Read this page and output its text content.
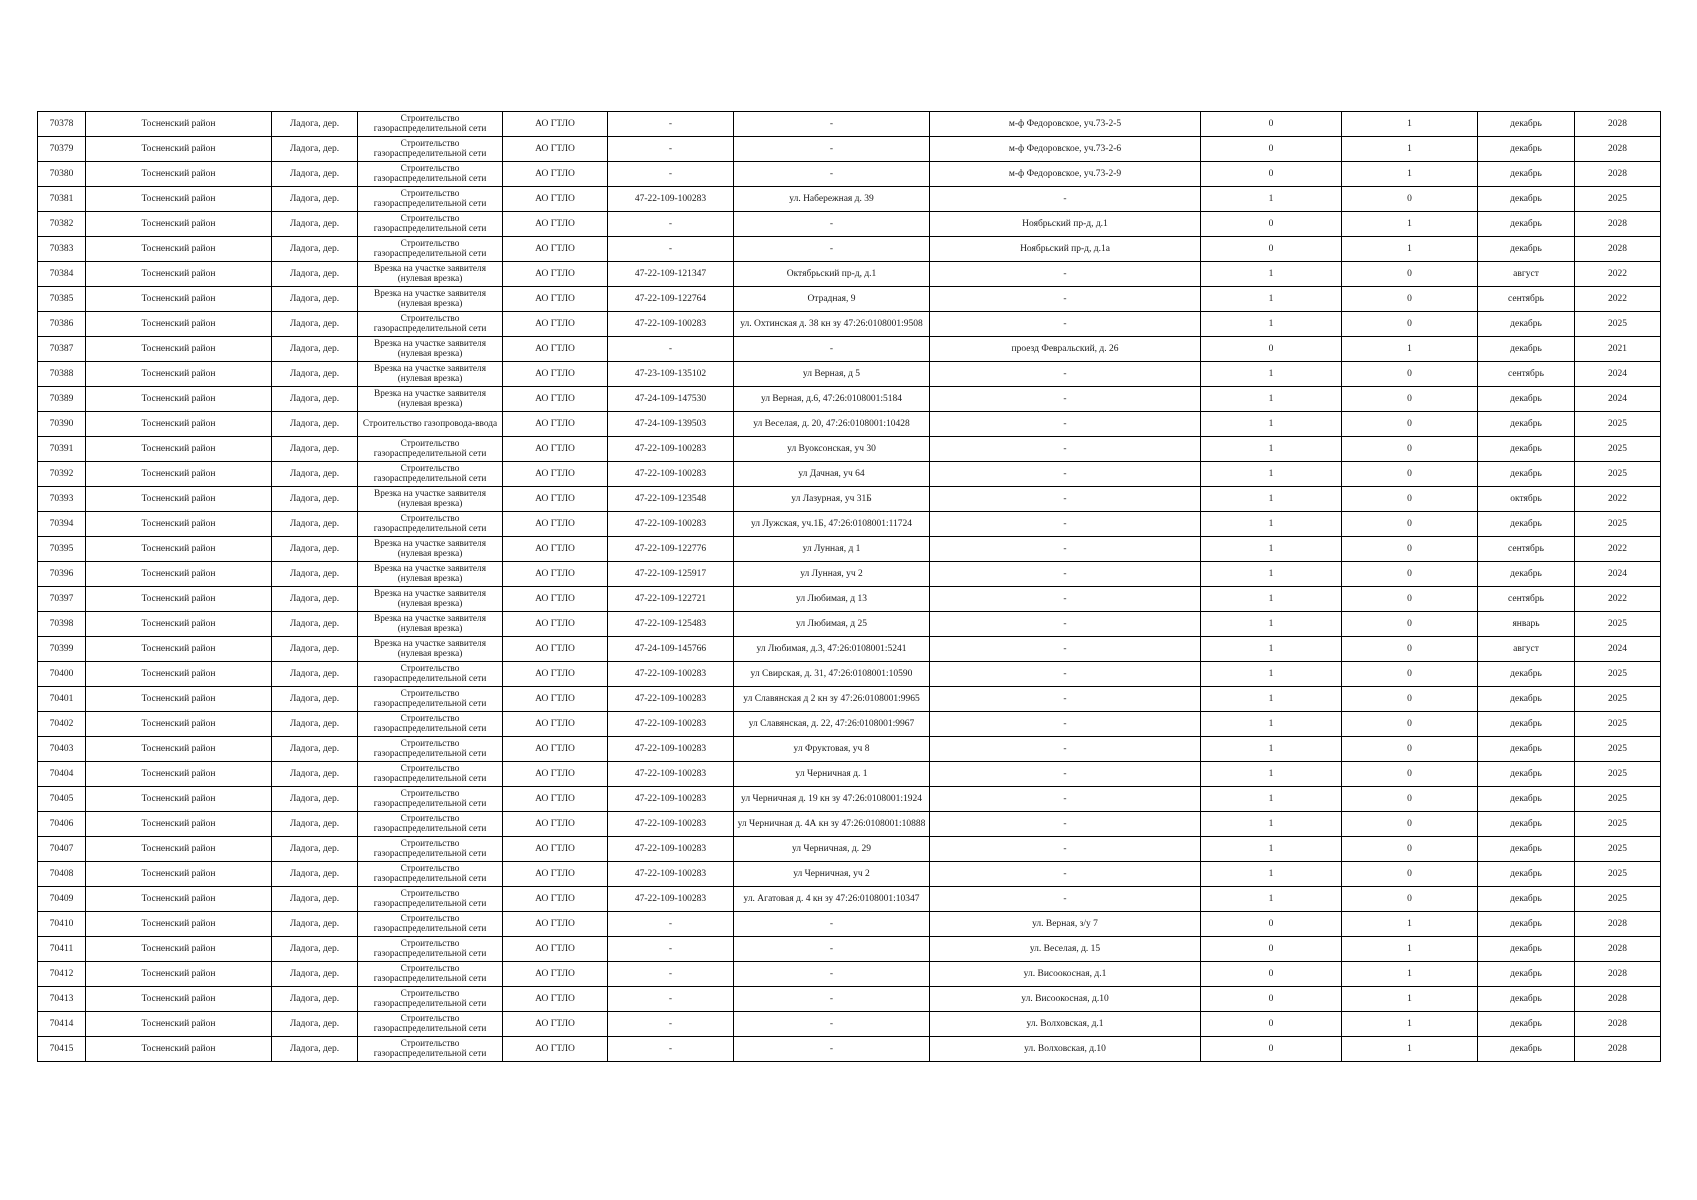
70378	Тосненский район	Ладога, дер.	Строительство газораспределительной сети	АО ГТЛО	-	-	м-ф Федоровское, уч.73-2-5	0	1	декабрь	2028
70379	Тосненский район	Ладога, дер.	Строительство газораспределительной сети	АО ГТЛО	-	-	м-ф Федоровское, уч.73-2-6	0	1	декабрь	2028
70380	Тосненский район	Ладога, дер.	Строительство газораспределительной сети	АО ГТЛО	-	-	м-ф Федоровское, уч.73-2-9	0	1	декабрь	2028
70381	Тосненский район	Ладога, дер.	Строительство газораспределительной сети	АО ГТЛО	47-22-109-100283	ул. Набережная д. 39	-	1	0	декабрь	2025
70382	Тосненский район	Ладога, дер.	Строительство газораспределительной сети	АО ГТЛО	-	-	Ноябрьский пр-д, д.1	0	1	декабрь	2028
70383	Тосненский район	Ладога, дер.	Строительство газораспределительной сети	АО ГТЛО	-	-	Ноябрьский пр-д, д.1а	0	1	декабрь	2028
70384	Тосненский район	Ладога, дер.	Врезка на участке заявителя (нулевая врезка)	АО ГТЛО	47-22-109-121347	Октябрьский пр-д, д.1	-	1	0	август	2022
70385	Тосненский район	Ладога, дер.	Врезка на участке заявителя (нулевая врезка)	АО ГТЛО	47-22-109-122764	Отрадная, 9	-	1	0	сентябрь	2022
70386	Тосненский район	Ладога, дер.	Строительство газораспределительной сети	АО ГТЛО	47-22-109-100283	ул. Охтинская д. 38 кн зу 47:26:0108001:9508	-	1	0	декабрь	2025
70387	Тосненский район	Ладога, дер.	Врезка на участке заявителя (нулевая врезка)	АО ГТЛО	-	-	проезд Февральский, д. 26	0	1	декабрь	2021
70388	Тосненский район	Ладога, дер.	Врезка на участке заявителя (нулевая врезка)	АО ГТЛО	47-23-109-135102	ул Верная, д 5	-	1	0	сентябрь	2024
70389	Тосненский район	Ладога, дер.	Врезка на участке заявителя (нулевая врезка)	АО ГТЛО	47-24-109-147530	ул Верная, д.6, 47:26:0108001:5184	-	1	0	декабрь	2024
70390	Тосненский район	Ладога, дер.	Строительство газопровода-ввода	АО ГТЛО	47-24-109-139503	ул Веселая, д. 20, 47:26:0108001:10428	-	1	0	декабрь	2025
70391	Тосненский район	Ладога, дер.	Строительство газораспределительной сети	АО ГТЛО	47-22-109-100283	ул Вуоксонская, уч 30	-	1	0	декабрь	2025
70392	Тосненский район	Ладога, дер.	Строительство газораспределительной сети	АО ГТЛО	47-22-109-100283	ул Дачная, уч 64	-	1	0	декабрь	2025
70393	Тосненский район	Ладога, дер.	Врезка на участке заявителя (нулевая врезка)	АО ГТЛО	47-22-109-123548	ул Лазурная, уч 31Б	-	1	0	октябрь	2022
70394	Тосненский район	Ладога, дер.	Строительство газораспределительной сети	АО ГТЛО	47-22-109-100283	ул Лужская, уч.1Б, 47:26:0108001:11724	-	1	0	декабрь	2025
70395	Тосненский район	Ладога, дер.	Врезка на участке заявителя (нулевая врезка)	АО ГТЛО	47-22-109-122776	ул Лунная, д 1	-	1	0	сентябрь	2022
70396	Тосненский район	Ладога, дер.	Врезка на участке заявителя (нулевая врезка)	АО ГТЛО	47-22-109-125917	ул Лунная, уч 2	-	1	0	декабрь	2024
70397	Тосненский район	Ладога, дер.	Врезка на участке заявителя (нулевая врезка)	АО ГТЛО	47-22-109-122721	ул Любимая, д 13	-	1	0	сентябрь	2022
70398	Тосненский район	Ладога, дер.	Врезка на участке заявителя (нулевая врезка)	АО ГТЛО	47-22-109-125483	ул Любимая, д 25	-	1	0	январь	2025
70399	Тосненский район	Ладога, дер.	Врезка на участке заявителя (нулевая врезка)	АО ГТЛО	47-24-109-145766	ул Любимая, д.3, 47:26:0108001:5241	-	1	0	август	2024
70400	Тосненский район	Ладога, дер.	Строительство газораспределительной сети	АО ГТЛО	47-22-109-100283	ул Свирская, д. 31, 47:26:0108001:10590	-	1	0	декабрь	2025
70401	Тосненский район	Ладога, дер.	Строительство газораспределительной сети	АО ГТЛО	47-22-109-100283	ул Славянская д 2 кн зу 47:26:0108001:9965	-	1	0	декабрь	2025
70402	Тосненский район	Ладога, дер.	Строительство газораспределительной сети	АО ГТЛО	47-22-109-100283	ул Славянская, д. 22, 47:26:0108001:9967	-	1	0	декабрь	2025
70403	Тосненский район	Ладога, дер.	Строительство газораспределительной сети	АО ГТЛО	47-22-109-100283	ул Фруктовая, уч 8	-	1	0	декабрь	2025
70404	Тосненский район	Ладога, дер.	Строительство газораспределительной сети	АО ГТЛО	47-22-109-100283	ул Черничная д. 1	-	1	0	декабрь	2025
70405	Тосненский район	Ладога, дер.	Строительство газораспределительной сети	АО ГТЛО	47-22-109-100283	ул Черничная д. 19 кн зу 47:26:0108001:1924	-	1	0	декабрь	2025
70406	Тосненский район	Ладога, дер.	Строительство газораспределительной сети	АО ГТЛО	47-22-109-100283	ул Черничная д. 4А кн зу 47:26:0108001:10888	-	1	0	декабрь	2025
70407	Тосненский район	Ладога, дер.	Строительство газораспределительной сети	АО ГТЛО	47-22-109-100283	ул Черничная, д. 29	-	1	0	декабрь	2025
70408	Тосненский район	Ладога, дер.	Строительство газораспределительной сети	АО ГТЛО	47-22-109-100283	ул Черничная, уч 2	-	1	0	декабрь	2025
70409	Тосненский район	Ладога, дер.	Строительство газораспределительной сети	АО ГТЛО	47-22-109-100283	ул. Агатовая д. 4 кн зу 47:26:0108001:10347	-	1	0	декабрь	2025
70410	Тосненский район	Ладога, дер.	Строительство газораспределительной сети	АО ГТЛО	-	-	ул. Верная, з/у 7	0	1	декабрь	2028
70411	Тосненский район	Ладога, дер.	Строительство газораспределительной сети	АО ГТЛО	-	-	ул. Веселая, д. 15	0	1	декабрь	2028
70412	Тосненский район	Ладога, дер.	Строительство газораспределительной сети	АО ГТЛО	-	-	ул. Висоокосная, д.1	0	1	декабрь	2028
70413	Тосненский район	Ладога, дер.	Строительство газораспределительной сети	АО ГТЛО	-	-	ул. Висоокосная, д.10	0	1	декабрь	2028
70414	Тосненский район	Ладога, дер.	Строительство газораспределительной сети	АО ГТЛО	-	-	ул. Волховская, д.1	0	1	декабрь	2028
70415	Тосненский район	Ладога, дер.	Строительство газораспределительной сети	АО ГТЛО	-	-	ул. Волховская, д.10	0	1	декабрь	2028
